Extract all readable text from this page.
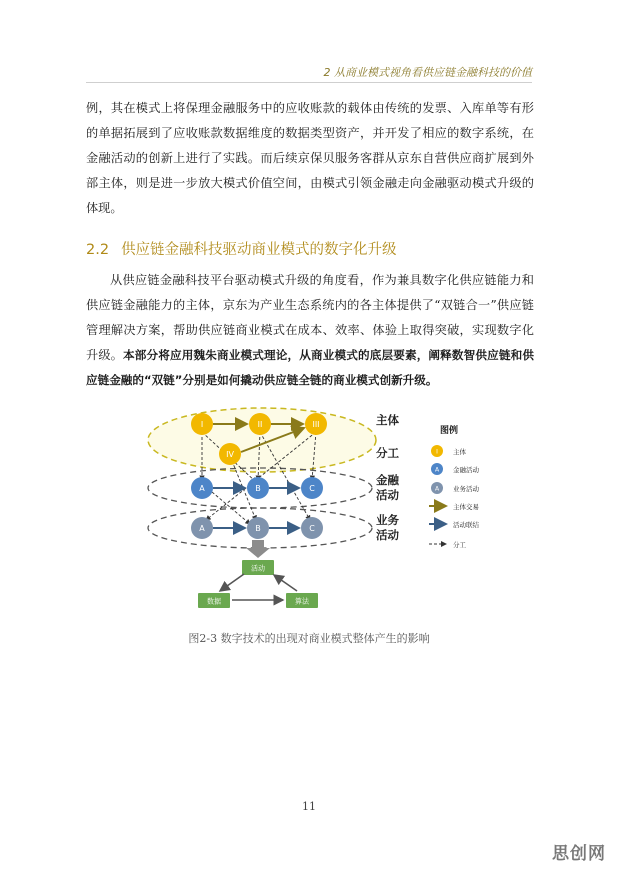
2 从商业模式视角看供应链金融科技的价值

例，其在模式上将保理金融服务中的应收账款的载体由传统的发票、入库单等有形的单据拓展到了应收账款数据维度的数据类型资产，并开发了相应的数字系统，在金融活动的创新上进行了实践。而后续京保贝服务客群从京东自营供应商扩展到外部主体，则是进一步放大模式价值空间，由模式引领金融走向金融驱动模式升级的体现。

2.2 供应链金融科技驱动商业模式的数字化升级

从供应链金融科技平台驱动模式升级的角度看，作为兼具数字化供应链能力和供应链金融能力的主体，京东为产业生态系统内的各主体提供了“双链合一”供应链管理解决方案，帮助供应链商业模式在成本、效率、体验上取得突破，实现数字化升级。本部分将应用魏朱商业模式理论，从商业模式的底层要素，阐释数智供应链和供应链金融的“双链”分别是如何撬动供应链全链的商业模式创新升级。

I	II	III
IV
A	B	C
A	B	C
活动
数据	算法
主体
分工
金融活动
业务活动
图例
I 主体
A 金融活动
A 业务活动
主体交易
活动联结
分工
图2-3 数字技术的出现对商业模式整体产生的影响
11
思创网
